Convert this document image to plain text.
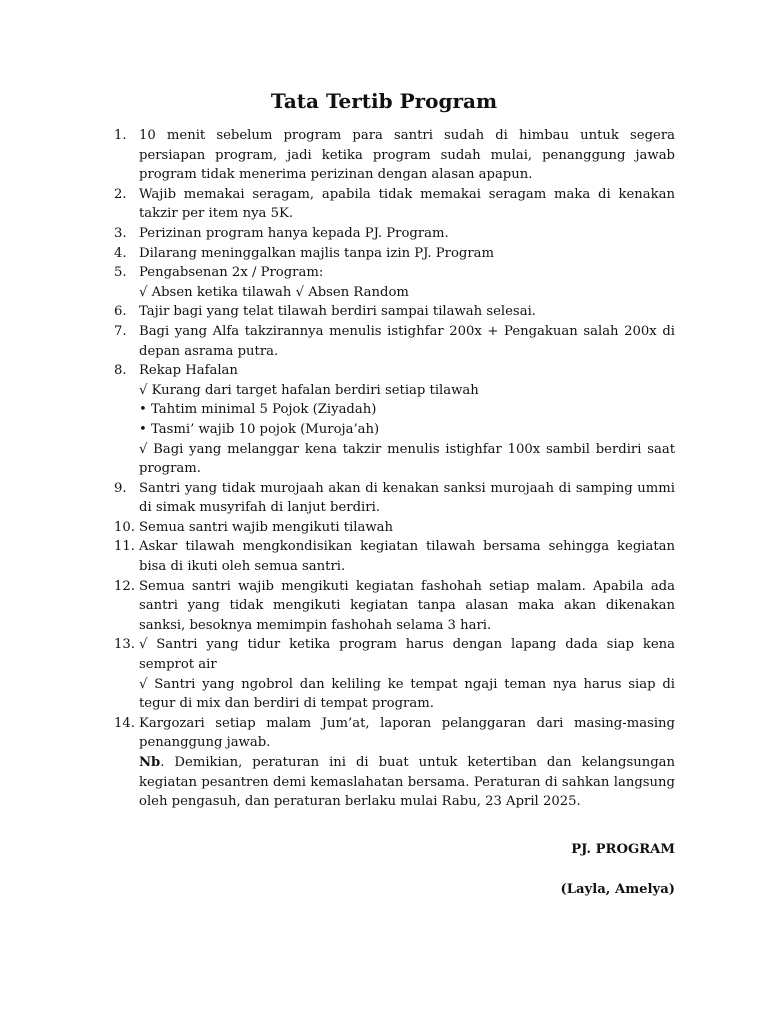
Tata Tertib Program
1. 10 menit sebelum program para santri sudah di himbau untuk segera persiapan program, jadi ketika program sudah mulai, penanggung jawab program tidak menerima perizinan dengan alasan apapun.
2. Wajib memakai seragam, apabila tidak memakai seragam maka di kenakan takzir per item nya 5K.
3. Perizinan program hanya kepada PJ. Program.
4. Dilarang meninggalkan majlis tanpa izin PJ. Program
5. Pengabsenan 2x / Program:
√ Absen ketika tilawah √ Absen Random
6. Tajir bagi yang telat tilawah berdiri sampai tilawah selesai.
7. Bagi yang Alfa takzirannya menulis istighfar 200x + Pengakuan salah 200x di depan asrama putra.
8. Rekap Hafalan
√ Kurang dari target hafalan berdiri setiap tilawah
• Tahtim minimal 5 Pojok (Ziyadah)
• Tasmi’ wajib 10 pojok (Muroja’ah)
√ Bagi yang melanggar kena takzir menulis istighfar 100x sambil berdiri saat program.
9. Santri yang tidak murojaah akan di kenakan sanksi murojaah di samping ummi di simak musyrifah di lanjut berdiri.
10. Semua santri wajib mengikuti tilawah
11. Askar tilawah mengkondisikan kegiatan tilawah bersama sehingga kegiatan bisa di ikuti oleh semua santri.
12. Semua santri wajib mengikuti kegiatan fashohah setiap malam. Apabila ada santri yang tidak mengikuti kegiatan tanpa alasan maka akan dikenakan sanksi, besoknya memimpin fashohah selama 3 hari.
13. √ Santri yang tidur ketika program harus dengan lapang dada siap kena semprot air
√ Santri yang ngobrol dan keliling ke tempat ngaji teman nya harus siap di tegur di mix dan berdiri di tempat program.
14. Kargozari setiap malam Jum’at, laporan pelanggaran dari masing-masing penanggung jawab.
Nb. Demikian, peraturan ini di buat untuk ketertiban dan kelangsungan kegiatan pesantren demi kemaslahatan bersama. Peraturan di sahkan langsung oleh pengasuh, dan peraturan berlaku mulai Rabu, 23 April 2025.
PJ. PROGRAM
(Layla, Amelya)
